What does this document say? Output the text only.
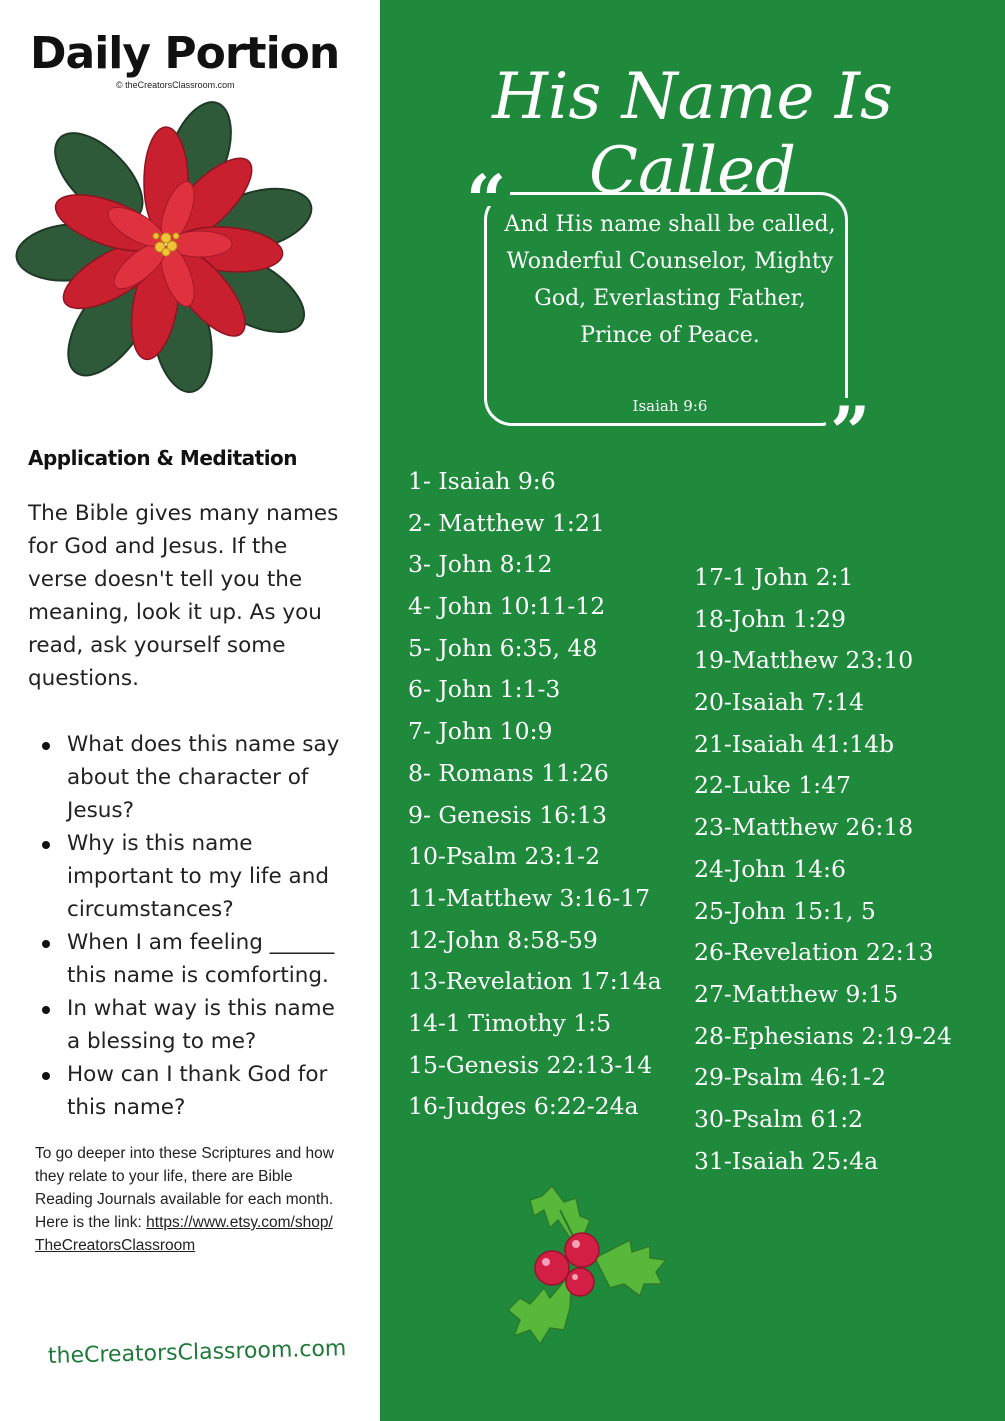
Daily Portion
© theCreatorsClassroom.com
Application & Meditation

The Bible gives many names for God and Jesus. If the verse doesn't tell you the meaning, look it up. As you read, ask yourself some questions.

What does this name say
about the character of
Jesus?
Why is this name
important to my life and
circumstances?
When I am feeling ______
this name is comforting.
In what way is this name
a blessing to me?
How can I thank God for
this name?

To go deeper into these Scriptures and how they relate to your life, there are Bible Reading Journals available for each month. Here is the link: https://www.etsy.com/shop/TheCreatorsClassroom

theCreatorsClassroom.com
His Name Is Called
“
”

And His name shall be called, Wonderful Counselor, Mighty God, Everlasting Father, Prince of Peace.

Isaiah 9:6

1- Isaiah 9:6
2- Matthew 1:21
3- John 8:12
4- John 10:11-12
5- John 6:35, 48
6- John 1:1-3
7- John 10:9
8- Romans 11:26
9- Genesis 16:13
10-Psalm 23:1-2
11-Matthew 3:16-17
12-John 8:58-59
13-Revelation 17:14a
14-1 Timothy 1:5
15-Genesis 22:13-14
16-Judges 6:22-24a
17-1 John 2:1
18-John 1:29
19-Matthew 23:10
20-Isaiah 7:14
21-Isaiah 41:14b
22-Luke 1:47
23-Matthew 26:18
24-John 14:6
25-John 15:1, 5
26-Revelation 22:13
27-Matthew 9:15
28-Ephesians 2:19-24
29-Psalm 46:1-2
30-Psalm 61:2
31-Isaiah 25:4a
